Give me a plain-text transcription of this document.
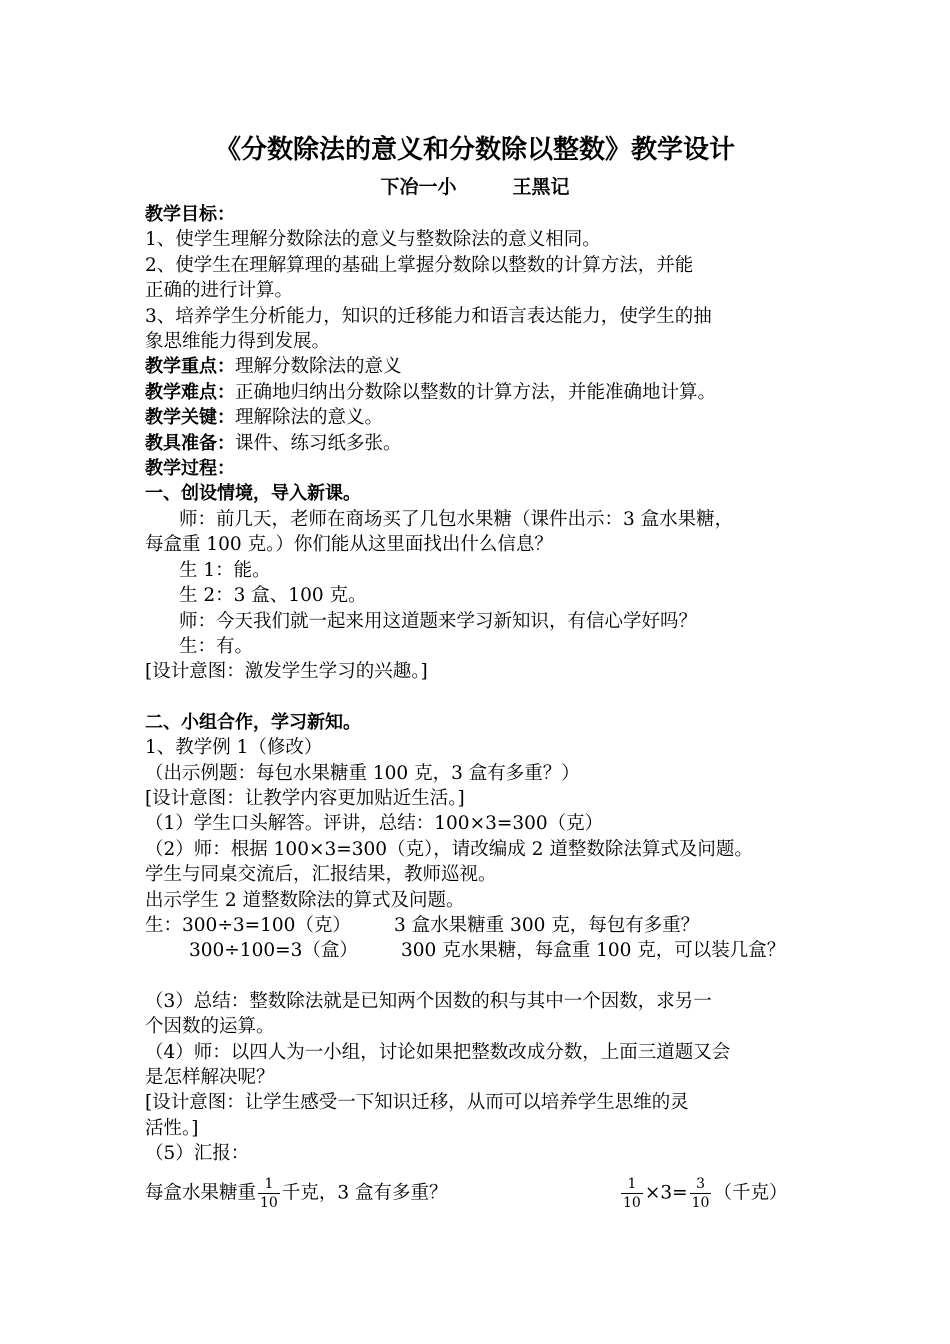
《分数除法的意义和分数除以整数》教学设计
下冶一小	王黑记
教学目标：
1、使学生理解分数除法的意义与整数除法的意义相同。
2、使学生在理解算理的基础上掌握分数除以整数的计算方法，并能
正确的进行计算。
3、培养学生分析能力，知识的迁移能力和语言表达能力，使学生的抽
象思维能力得到发展。
教学重点：理解分数除法的意义
教学难点：正确地归纳出分数除以整数的计算方法，并能准确地计算。
教学关键：理解除法的意义。
教具准备：课件、练习纸多张。
教学过程：
一、创设情境，导入新课。
师：前几天，老师在商场买了几包水果糖（课件出示：3 盒水果糖，
每盒重 100 克。）你们能从这里面找出什么信息？
生 1：能。
生 2：3 盒、100 克。
师：今天我们就一起来用这道题来学习新知识，有信心学好吗？
生：有。
[设计意图：激发学生学习的兴趣。]
二、小组合作，学习新知。
1、教学例 1（修改）
（出示例题：每包水果糖重 100 克，3 盒有多重？）
[设计意图：让教学内容更加贴近生活。]
（1）学生口头解答。评讲，总结：100×3=300（克）
（2）师：根据 100×3=300（克），请改编成 2 道整数除法算式及问题。
学生与同桌交流后，汇报结果，教师巡视。
出示学生 2 道整数除法的算式及问题。
生：300÷3=100（克） 3 盒水果糖重 300 克，每包有多重？
300÷100=3（盒） 300 克水果糖，每盒重 100 克，可以装几盒？
（3）总结：整数除法就是已知两个因数的积与其中一个因数，求另一
个因数的运算。
（4）师：以四人为一小组，讨论如果把整数改成分数，上面三道题又会
是怎样解决呢？
[设计意图：让学生感受一下知识迁移，从而可以培养学生思维的灵
活性。]
（5）汇报：
每盒水果糖重 $\frac{1}{10}$ 千克，3 盒有多重？	$\frac{1}{10} \times 3= \frac{3}{10}$ （千克）
